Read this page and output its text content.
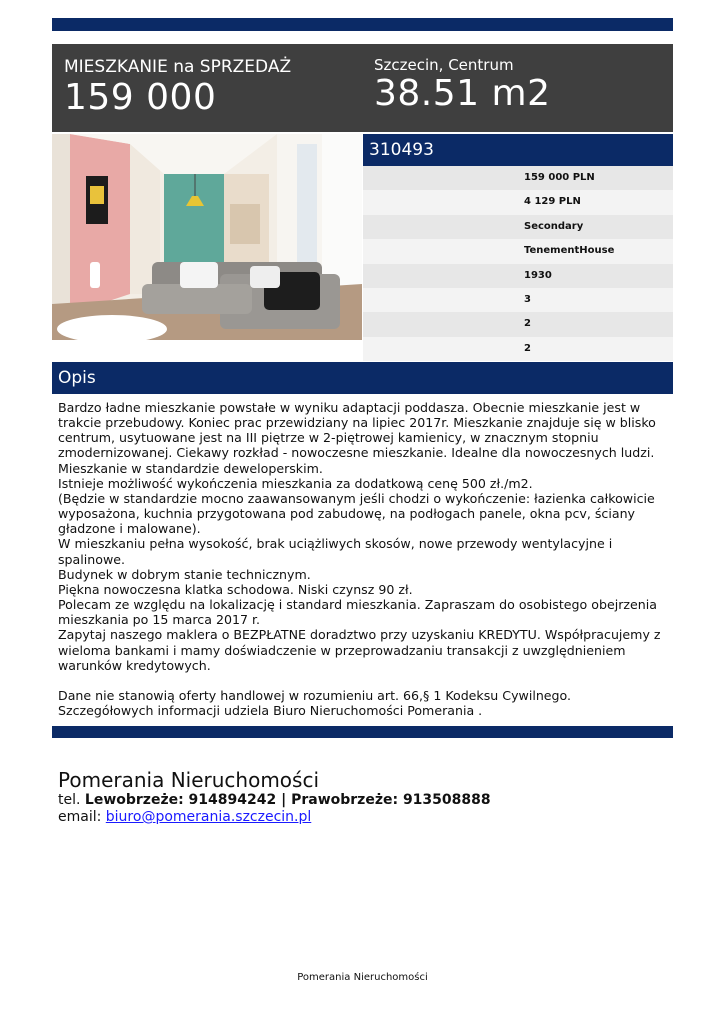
MIESZKANIE na SPRZEDAŻ
159 000
Szczecin, Centrum
38.51 m2
310493
159 000 PLN
4 129 PLN
Secondary
TenementHouse
1930
3
2
2
Opis
Bardzo ładne mieszkanie powstałe w wyniku adaptacji poddasza. Obecnie mieszkanie jest w trakcie przebudowy. Koniec prac przewidziany na lipiec 2017r. Mieszkanie znajduje się w blisko centrum, usytuowane jest na III piętrze w 2-piętrowej kamienicy, w znacznym stopniu zmodernizowanej. Ciekawy rozkład - nowoczesne mieszkanie. Idealne dla nowoczesnych ludzi.
Mieszkanie w standardzie deweloperskim.
Istnieje możliwość wykończenia mieszkania za dodatkową cenę 500 zł./m2.
(Będzie w standardzie mocno zaawansowanym jeśli chodzi o wykończenie: łazienka całkowicie wyposażona, kuchnia przygotowana pod zabudowę, na podłogach panele, okna pcv, ściany gładzone i malowane).
W mieszkaniu pełna wysokość, brak uciążliwych skosów, nowe przewody wentylacyjne i spalinowe.
Budynek w dobrym stanie technicznym.
Piękna nowoczesna klatka schodowa. Niski czynsz 90 zł.
Polecam ze względu na lokalizację i standard mieszkania. Zapraszam do osobistego obejrzenia mieszkania po 15 marca 2017 r.
Zapytaj naszego maklera o BEZPŁATNE doradztwo przy uzyskaniu KREDYTU. Współpracujemy z wieloma bankami i mamy doświadczenie w przeprowadzaniu transakcji z uwzględnieniem warunków kredytowych.

Dane nie stanowią oferty handlowej w rozumieniu art. 66,§ 1 Kodeksu Cywilnego. Szczegółowych informacji udziela Biuro Nieruchomości Pomerania .
Pomerania Nieruchomości
tel. Lewobrzeże: 914894242 | Prawobrzeże: 913508888
email: biuro@pomerania.szczecin.pl
Pomerania Nieruchomości
